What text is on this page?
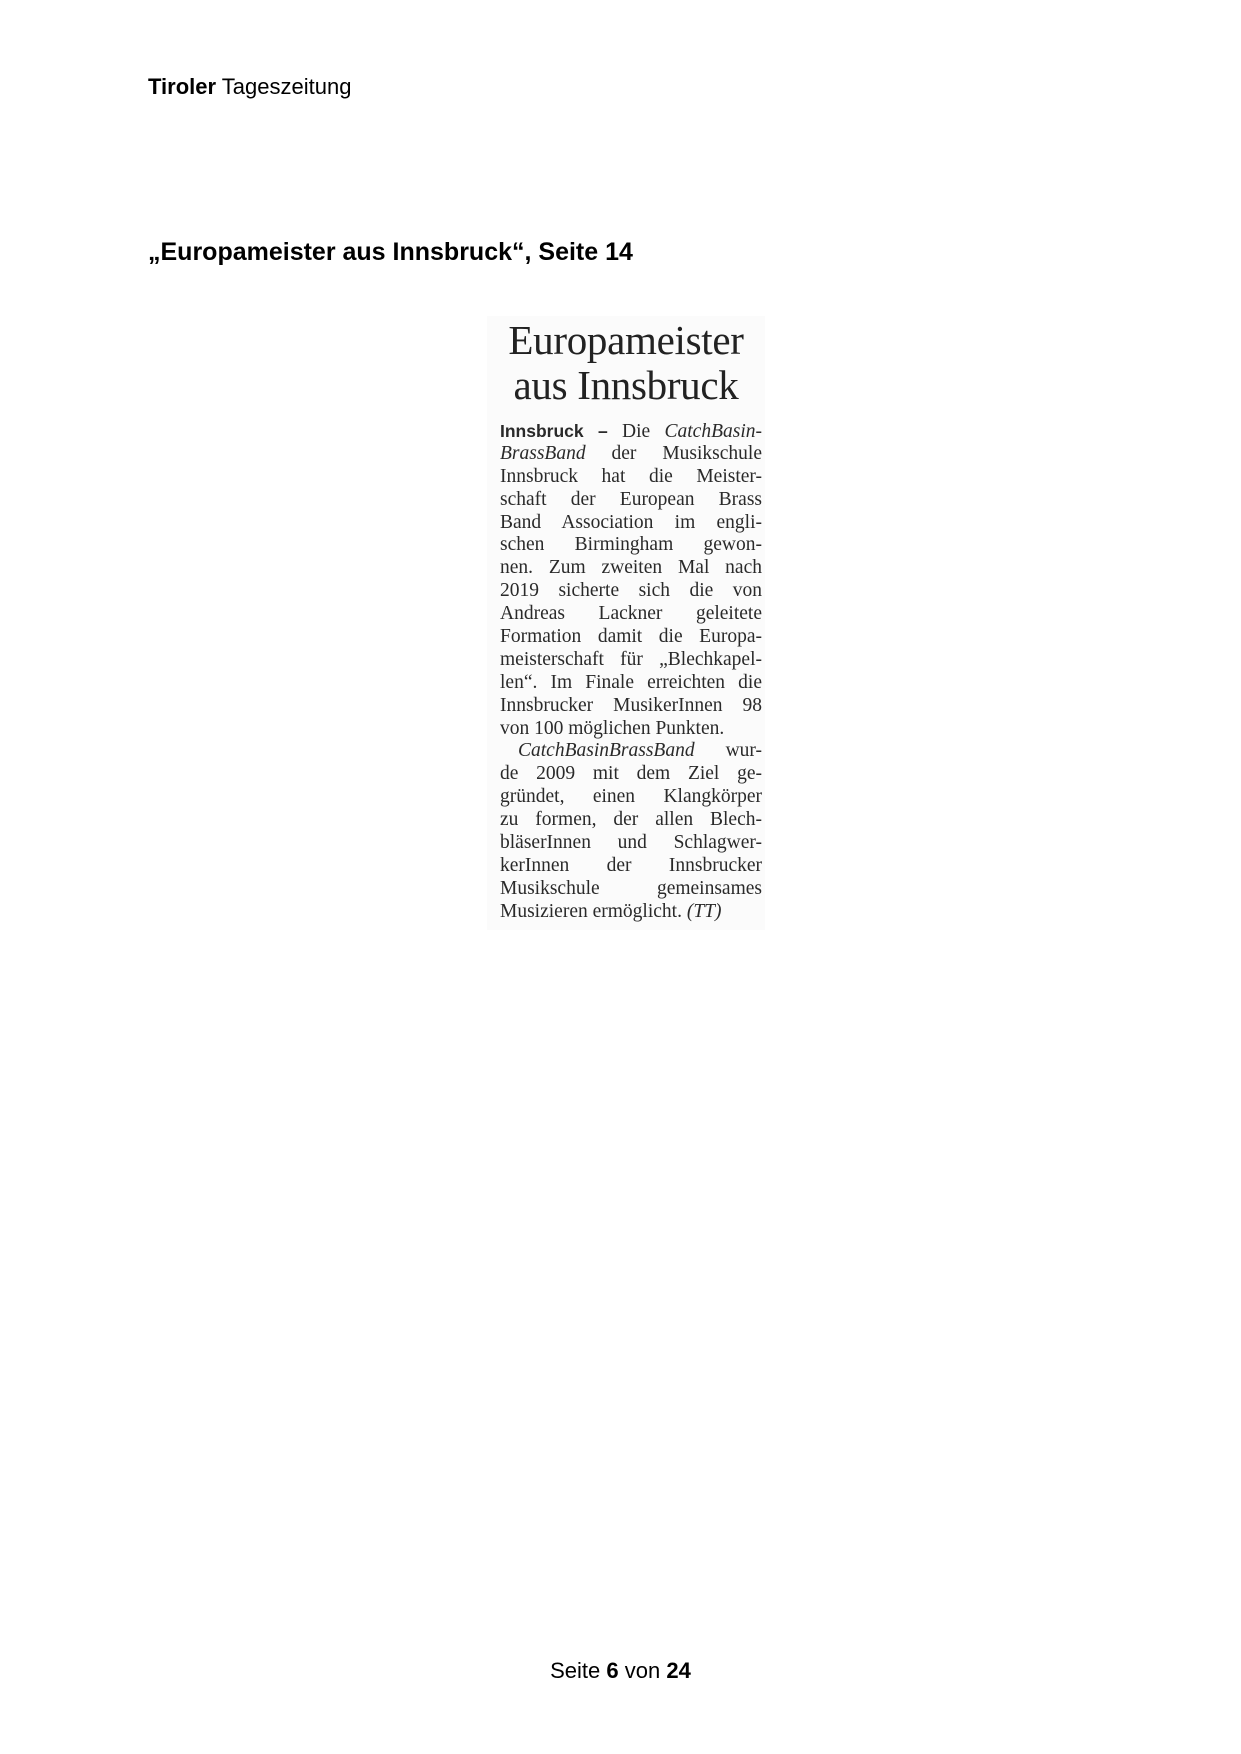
Tiroler Tageszeitung
„Europameister aus Innsbruck“, Seite 14
Europameister
aus Innsbruck
Innsbruck – Die CatchBasin-
BrassBand der Musikschule
Innsbruck hat die Meister-
schaft der European Brass
Band Association im engli-
schen Birmingham gewon-
nen. Zum zweiten Mal nach
2019 sicherte sich die von
Andreas Lackner geleitete
Formation damit die Europa-
meisterschaft für „Blechkapel-
len“. Im Finale erreichten die
Innsbrucker MusikerInnen 98
von 100 möglichen Punkten.
CatchBasinBrassBand wur-
de 2009 mit dem Ziel ge-
gründet, einen Klangkörper
zu formen, der allen Blech-
bläserInnen und Schlagwer-
kerInnen der Innsbrucker
Musikschule gemeinsames
Musizieren ermöglicht. (TT)
Seite 6 von 24
